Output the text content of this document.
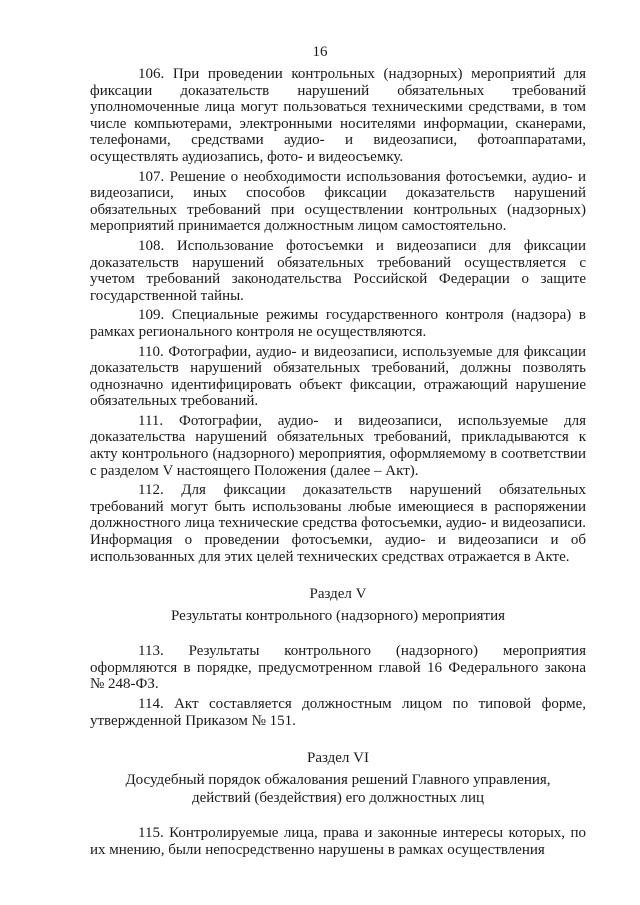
16

106. При проведении контрольных (надзорных) мероприятий для фиксации доказательств нарушений обязательных требований уполномоченные лица могут пользоваться техническими средствами, в том числе компьютерами, электронными носителями информации, сканерами, телефонами, средствами аудио- и видеозаписи, фотоаппаратами, осуществлять аудиозапись, фото- и видеосъемку.

107. Решение о необходимости использования фотосъемки, аудио- и видеозаписи, иных способов фиксации доказательств нарушений обязательных требований при осуществлении контрольных (надзорных) мероприятий принимается должностным лицом самостоятельно.

108. Использование фотосъемки и видеозаписи для фиксации доказательств нарушений обязательных требований осуществляется с учетом требований законодательства Российской Федерации о защите государственной тайны.

109. Специальные режимы государственного контроля (надзора) в рамках регионального контроля не осуществляются.

110. Фотографии, аудио- и видеозаписи, используемые для фиксации доказательств нарушений обязательных требований, должны позволять однозначно идентифицировать объект фиксации, отражающий нарушение обязательных требований.

111. Фотографии, аудио- и видеозаписи, используемые для доказательства нарушений обязательных требований, прикладываются к акту контрольного (надзорного) мероприятия, оформляемому в соответствии с разделом V настоящего Положения (далее – Акт).

112. Для фиксации доказательств нарушений обязательных требований могут быть использованы любые имеющиеся в распоряжении должностного лица технические средства фотосъемки, аудио- и видеозаписи. Информация о проведении фотосъемки, аудио- и видеозаписи и об использованных для этих целей технических средствах отражается в Акте.

Раздел V
Результаты контрольного (надзорного) мероприятия

113. Результаты контрольного (надзорного) мероприятия оформляются в порядке, предусмотренном главой 16 Федерального закона № 248-ФЗ.

114. Акт составляется должностным лицом по типовой форме, утвержденной Приказом № 151.

Раздел VI
Досудебный порядок обжалования решений Главного управления,
действий (бездействия) его должностных лиц

115. Контролируемые лица, права и законные интересы которых, по их мнению, были непосредственно нарушены в рамках осуществления
